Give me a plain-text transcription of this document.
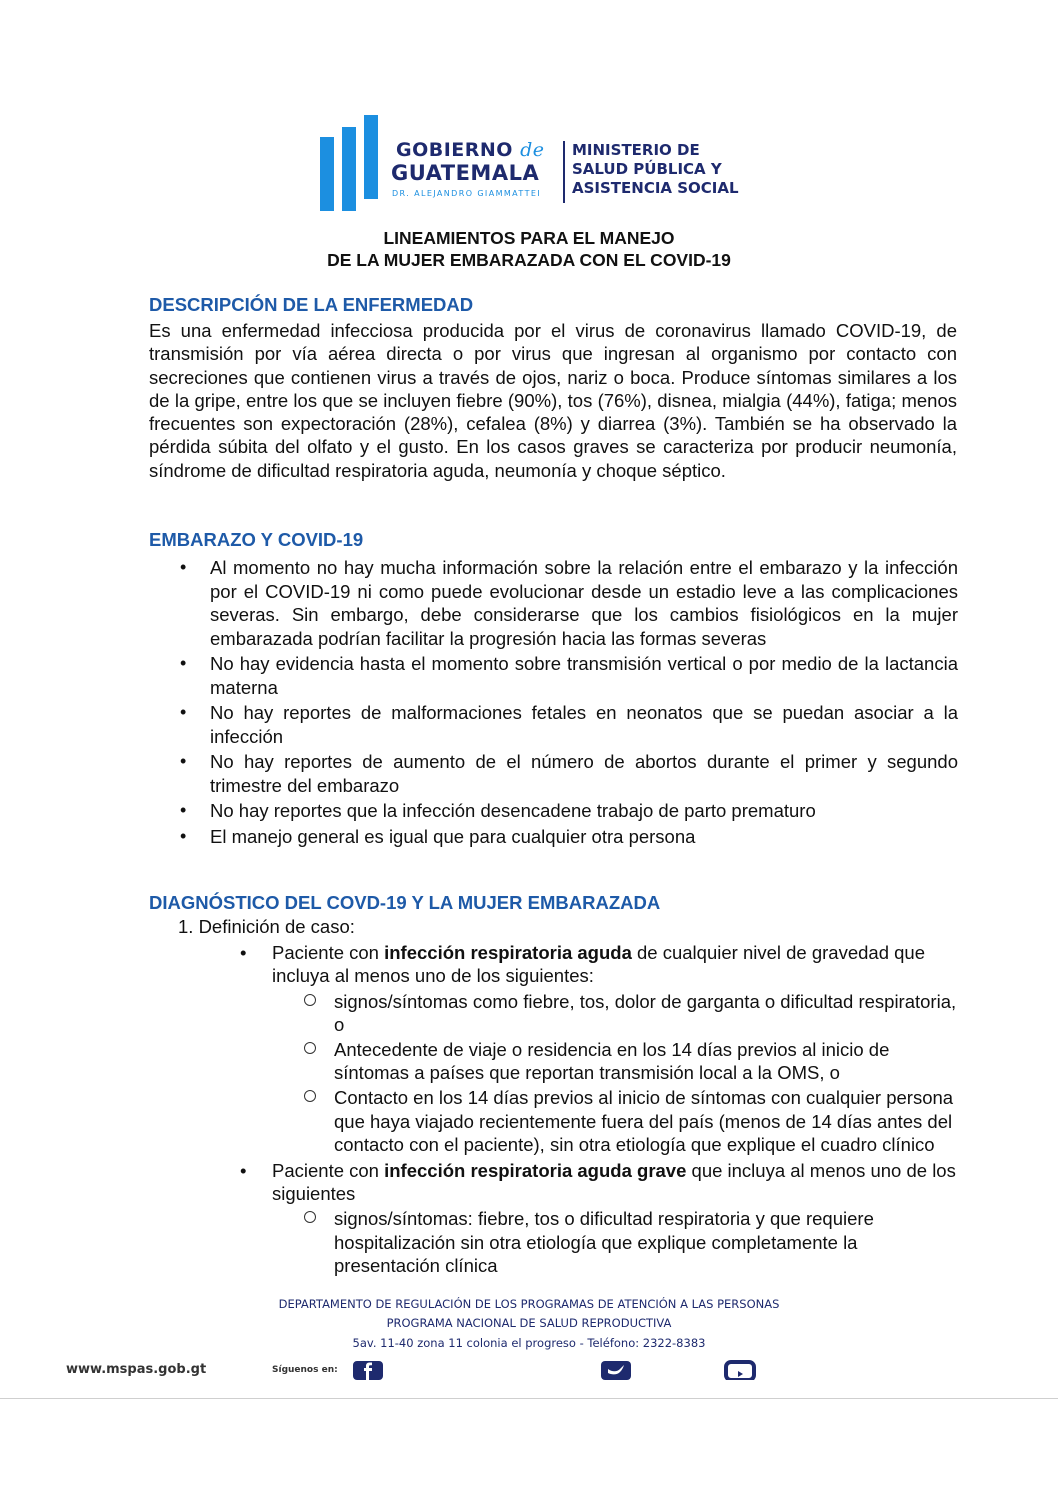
GOBIERNO de
GUATEMALA
DR. ALEJANDRO GIAMMATTEI
MINISTERIO DE
SALUD PÚBLICA Y
ASISTENCIA SOCIAL
LINEAMIENTOS PARA EL MANEJO
DE LA MUJER EMBARAZADA CON EL COVID-19
DESCRIPCIÓN DE LA ENFERMEDAD
Es una enfermedad infecciosa producida por el virus de coronavirus llamado COVID-19, de transmisión por vía aérea directa o por virus que ingresan al organismo por contacto con secreciones que contienen virus a través de ojos, nariz o boca. Produce síntomas similares a los de la gripe, entre los que se incluyen fiebre (90%), tos (76%), disnea, mialgia (44%), fatiga; menos frecuentes son expectoración (28%), cefalea (8%) y diarrea (3%). También se ha observado la pérdida súbita del olfato y el gusto. En los casos graves se caracteriza por producir neumonía, síndrome de dificultad respiratoria aguda, neumonía y choque séptico.
EMBARAZO Y COVID-19
• Al momento no hay mucha información sobre la relación entre el embarazo y la infección por el COVID-19 ni como puede evolucionar desde un estadio leve a las complicaciones severas. Sin embargo, debe considerarse que los cambios fisiológicos en la mujer embarazada podrían facilitar la progresión hacia las formas severas
• No hay evidencia hasta el momento sobre transmisión vertical o por medio de la lactancia materna
• No hay reportes de malformaciones fetales en neonatos que se puedan asociar a la infección
• No hay reportes de aumento de el número de abortos durante el primer y segundo trimestre del embarazo
• No hay reportes que la infección desencadene trabajo de parto prematuro
• El manejo general es igual que para cualquier otra persona
DIAGNÓSTICO DEL COVD-19 Y LA MUJER EMBARAZADA
1. Definición de caso:
• Paciente con infección respiratoria aguda de cualquier nivel de gravedad que incluya al menos uno de los siguientes:
signos/síntomas como fiebre, tos, dolor de garganta o dificultad respiratoria, o
Antecedente de viaje o residencia en los 14 días previos al inicio de síntomas a países que reportan transmisión local a la OMS, o
Contacto en los 14 días previos al inicio de síntomas con cualquier persona que haya viajado recientemente fuera del país (menos de 14 días antes del contacto con el paciente), sin otra etiología que explique el cuadro clínico
• Paciente con infección respiratoria aguda grave que incluya al menos uno de los siguientes
signos/síntomas: fiebre, tos o dificultad respiratoria y que requiere hospitalización sin otra etiología que explique completamente la presentación clínica
DEPARTAMENTO DE REGULACIÓN DE LOS PROGRAMAS DE ATENCIÓN A LAS PERSONAS
PROGRAMA NACIONAL DE SALUD REPRODUCTIVA
5av. 11-40 zona 11 colonia el progreso - Teléfono: 2322-8383
www.mspas.gob.gt	Síguenos en:
